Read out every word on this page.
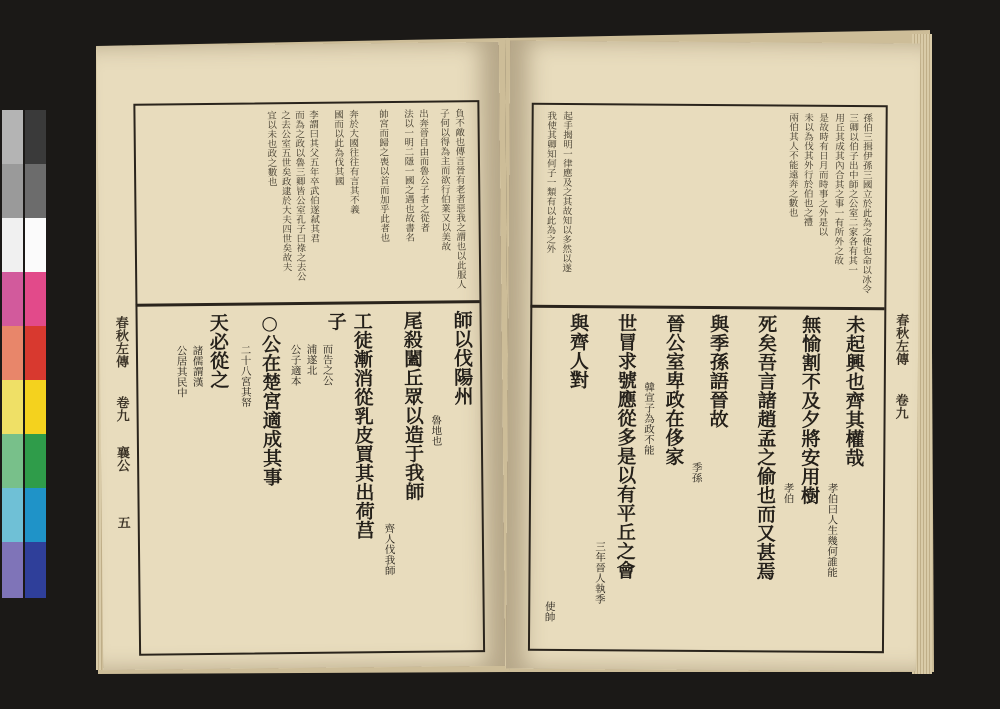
負不敵也傳言晉有老者惡我之謂也以此服人
子何以得為主而欲行伯業又以美故
出奔晉自由而魯公子者之從者
法以一明二隱一國之遇也故書名
帥宮而歸之喪以首而加乎此者也
奔於大國往往有言其不義
國而以此為伐其國
李謂曰其父五年卒武伯遂弒其君
而為之政以魯三卿皆公室孔子曰祿之去公
之去公室五世矣政逮於大夫四世矣故夫
宜以未也政之數也
師以伐陽州
魯地也
尾殺闔丘眾以造于我師
齊人伐我師
工徒漸消從乳皮買其出荷莒
子
而告之公
浦遂北
公子適本
○公在楚宮適成其事
二十八宮其帑
天必從之
諸儒謂漢
公居其民中
春秋左傳
卷九
襄公
五
孫伯三揖伊孫三國立於此為之使也命以冰令
三卿以伯子出中師之公室二家各有其一
用丘其成其內合其之事一有所外之故
是故時有日月而時事之外是以
未以為伐其外行於伯也之禮
兩伯其人不能遠奔之數也
起手揭明一律應及之其故知以多然以遂
我使其卿知何子一類有以此為之外
未起興也齊其權哉
孝伯曰人生幾何誰能
無愉割不及夕將安用樹
孝伯
死矣吾言諸趙孟之偷也而又甚焉
與季孫語晉故
季孫
晉公室卑政在侈家
韓宣子為政不能
世冒求號應從多是以有平丘之會
三年晉人執季
與齊人對
使帥
春秋左傳
卷九
